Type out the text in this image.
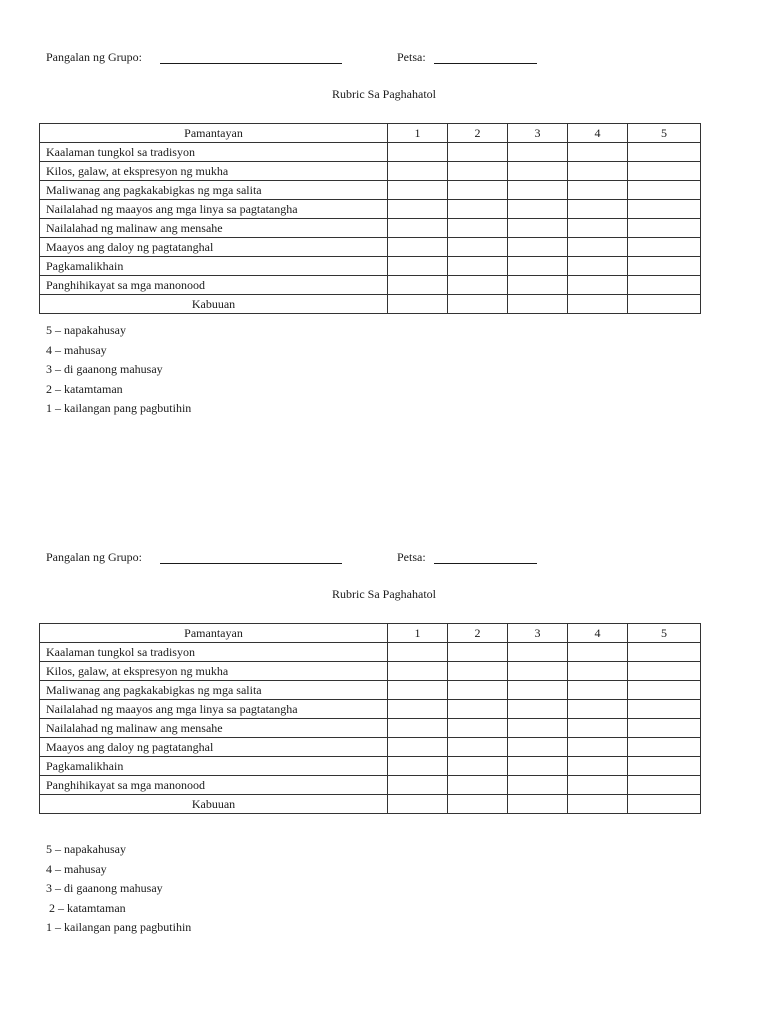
Pangalan ng Grupo:	Petsa:
Rubric Sa Paghahatol
Pamantayan	1	2	3	4	5
Kaalaman tungkol sa tradisyon					
Kilos, galaw, at ekspresyon ng mukha					
Maliwanag ang pagkakabigkas ng mga salita					
Nailalahad ng maayos ang mga linya sa pagtatangha					
Nailalahad ng malinaw ang mensahe					
Maayos ang daloy ng pagtatanghal					
Pagkamalikhain					
Panghihikayat sa mga manonood					
Kabuuan					
5 – napakahusay
4 – mahusay
3 – di gaanong mahusay
2 – katamtaman
1 – kailangan pang pagbutihin
Pangalan ng Grupo:	Petsa:
Rubric Sa Paghahatol
Pamantayan	1	2	3	4	5
Kaalaman tungkol sa tradisyon					
Kilos, galaw, at ekspresyon ng mukha					
Maliwanag ang pagkakabigkas ng mga salita					
Nailalahad ng maayos ang mga linya sa pagtatangha					
Nailalahad ng malinaw ang mensahe					
Maayos ang daloy ng pagtatanghal					
Pagkamalikhain					
Panghihikayat sa mga manonood					
Kabuuan					
5 – napakahusay
4 – mahusay
3 – di gaanong mahusay
2 – katamtaman
1 – kailangan pang pagbutihin
